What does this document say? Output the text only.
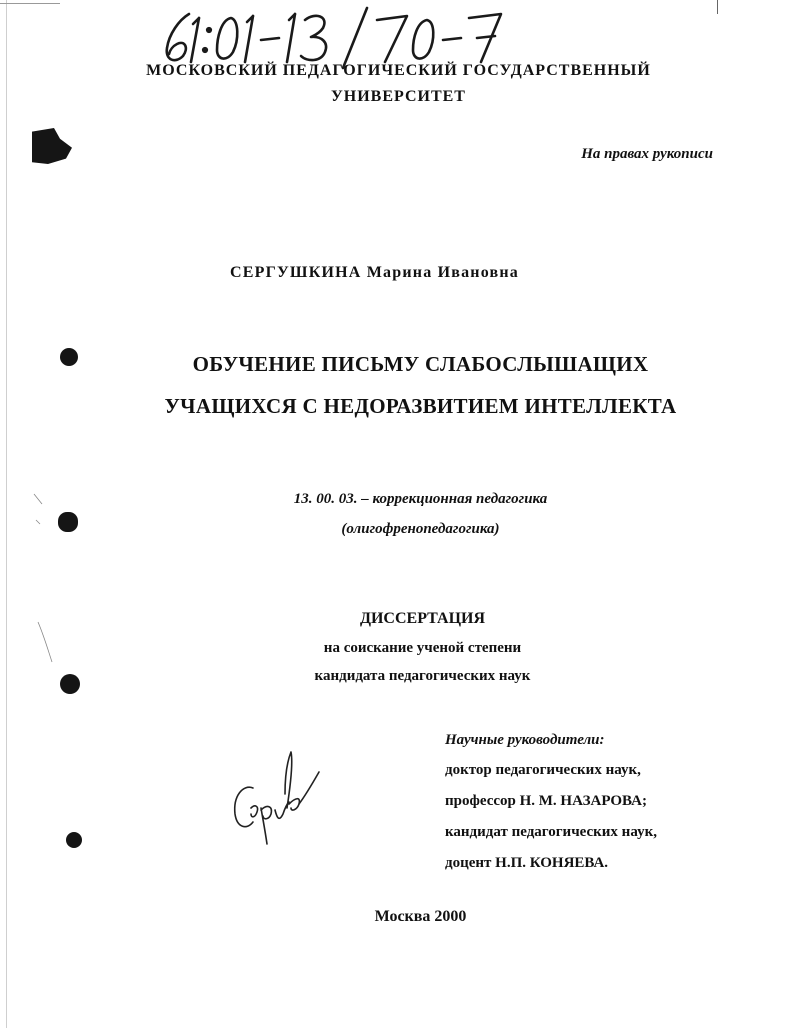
МОСКОВСКИЙ ПЕДАГОГИЧЕСКИЙ ГОСУДАРСТВЕННЫЙ
УНИВЕРСИТЕТ
На правах рукописи
СЕРГУШКИНА Марина Ивановна
ОБУЧЕНИЕ ПИСЬМУ СЛАБОСЛЫШАЩИХ
УЧАЩИХСЯ С НЕДОРАЗВИТИЕМ ИНТЕЛЛЕКТА
13. 00. 03. – коррекционная педагогика
(олигофренопедагогика)
ДИССЕРТАЦИЯ
на соискание ученой степени
кандидата педагогических наук
Научные руководители:
доктор педагогических наук,
профессор Н. М. НАЗАРОВА;
кандидат педагогических наук,
доцент Н.П. КОНЯЕВА.
Москва 2000
